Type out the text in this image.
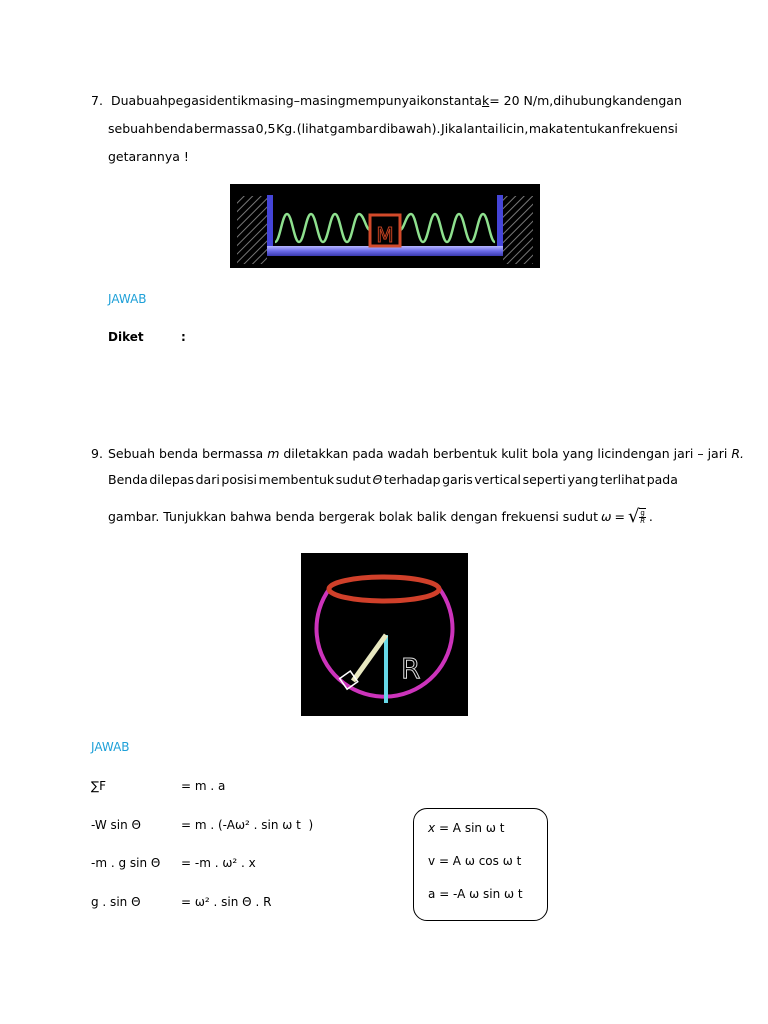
7. Dua buah pegas identik masing – masing mempunyai konstanta k = 20 N/m, dihubungkan dengan
sebuah benda bermassa 0,5 Kg. (lihat gambar dibawah). Jika lantai licin, maka tentukan frekuensi
getarannya !
M
JAWAB
Diket	:
9. Sebuah benda bermassa m diletakkan pada wadah berbentuk kulit bola yang licindengan jari – jari R.
Benda dilepas dari posisi membentuk sudut Θ terhadap garis vertical seperti yang terlihat pada
gambar. Tunjukkan bahwa benda bergerak bolak balik dengan frekuensi sudut ω = √ $\frac{g}{R}$ .
R
JAWAB
∑F	= m . a
-W sin Θ	= m . (-Aω² . sin ω t  )
-m . g sin Θ = -m . ω² . x
g . sin Θ	= ω² . sin Θ . R
x = A sin ω t
v = A ω cos ω t
a = -A ω sin ω t
